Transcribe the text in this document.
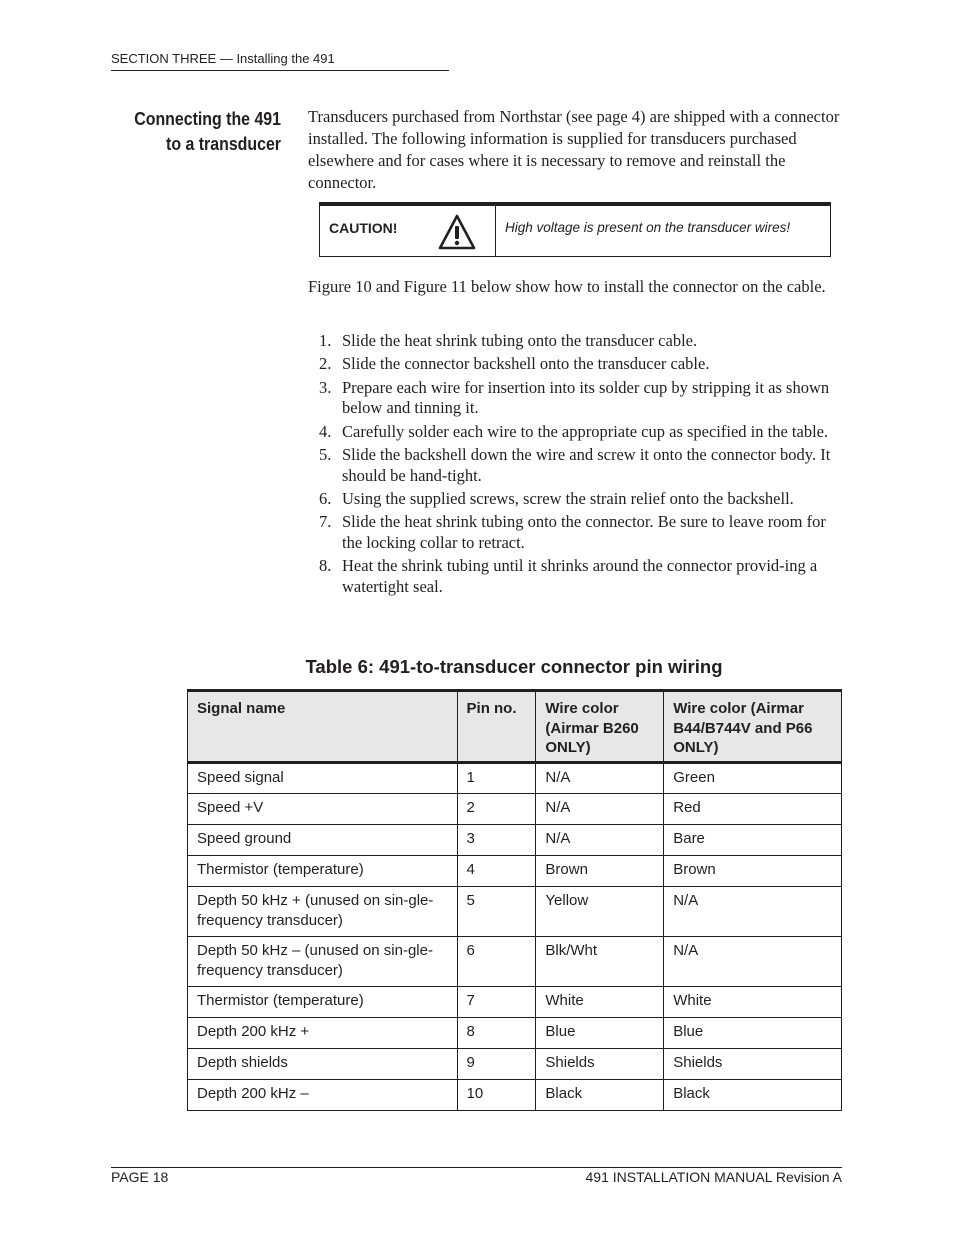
SECTION THREE — Installing the 491
Connecting the 491
to a transducer

Transducers purchased from Northstar (see page 4) are shipped with a connector installed. The following information is supplied for transducers purchased elsewhere and for cases where it is necessary to remove and reinstall the connector.

CAUTION!	High voltage is present on the transducer wires!

Figure 10 and Figure 11 below show how to install the connector on the cable.

1. Slide the heat shrink tubing onto the transducer cable.
2. Slide the connector backshell onto the transducer cable.
3. Prepare each wire for insertion into its solder cup by stripping it as shown below and tinning it.
4. Carefully solder each wire to the appropriate cup as specified in the table.
5. Slide the backshell down the wire and screw it onto the connector body. It should be hand-tight.
6. Using the supplied screws, screw the strain relief onto the backshell.
7. Slide the heat shrink tubing onto the connector. Be sure to leave room for the locking collar to retract.
8. Heat the shrink tubing until it shrinks around the connector provid-ing a watertight seal.
Table 6: 491-to-transducer connector pin wiring
Signal name	Pin no.	Wire color (Airmar B260 ONLY)	Wire color (Airmar B44/B744V and P66 ONLY)
Speed signal	1	N/A	Green
Speed +V	2	N/A	Red
Speed ground	3	N/A	Bare
Thermistor (temperature)	4	Brown	Brown
Depth 50 kHz + (unused on sin-gle-frequency transducer)	5	Yellow	N/A
Depth 50 kHz – (unused on sin-gle-frequency transducer)	6	Blk/Wht	N/A
Thermistor (temperature)	7	White	White
Depth 200 kHz +	8	Blue	Blue
Depth shields	9	Shields	Shields
Depth 200 kHz –	10	Black	Black
PAGE 18	491 INSTALLATION MANUAL Revision A
